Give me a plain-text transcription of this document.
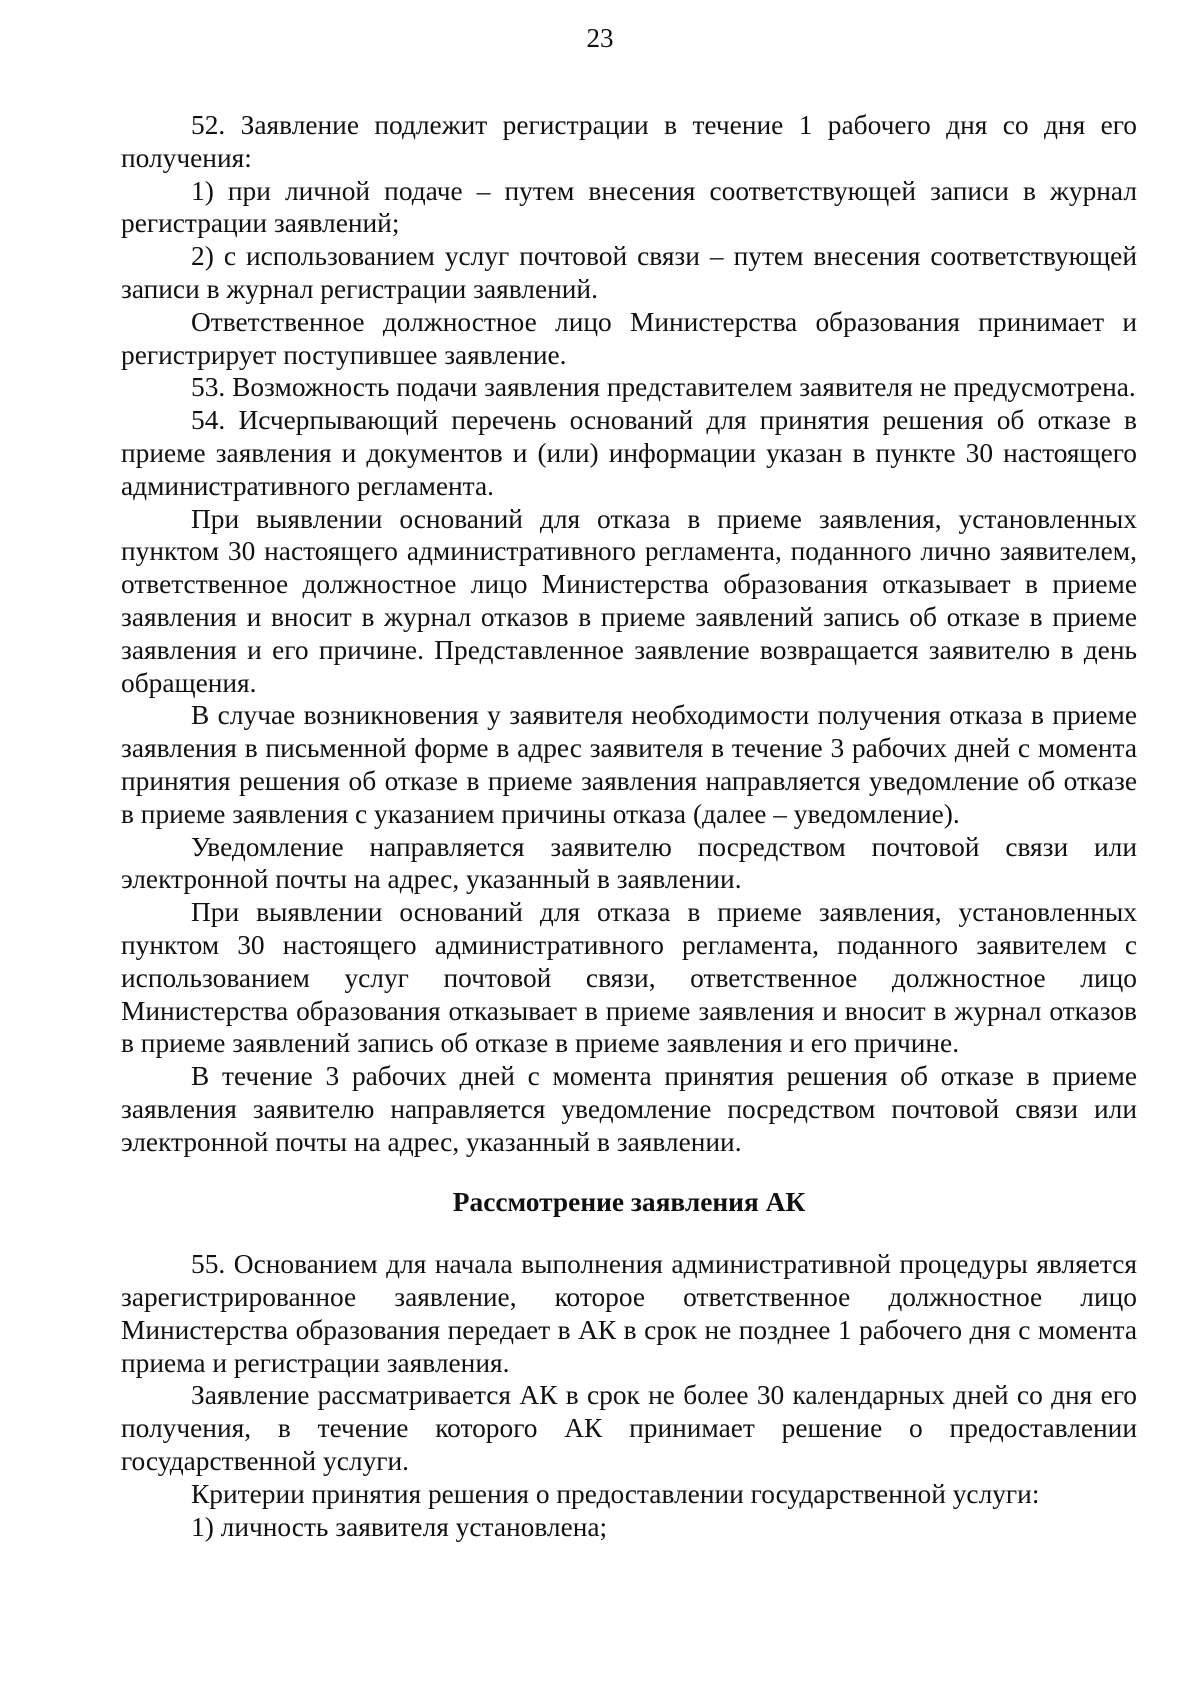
23

52. Заявление подлежит регистрации в течение 1 рабочего дня со дня его получения:

1) при личной подаче – путем внесения соответствующей записи в журнал регистрации заявлений;

2) с использованием услуг почтовой связи – путем внесения соответствующей записи в журнал регистрации заявлений.

Ответственное должностное лицо Министерства образования принимает и регистрирует поступившее заявление.

53. Возможность подачи заявления представителем заявителя не предусмотрена.

54. Исчерпывающий перечень оснований для принятия решения об отказе в приеме заявления и документов и (или) информации указан в пункте 30 настоящего административного регламента.

При выявлении оснований для отказа в приеме заявления, установленных пунктом 30 настоящего административного регламента, поданного лично заявителем, ответственное должностное лицо Министерства образования отказывает в приеме заявления и вносит в журнал отказов в приеме заявлений запись об отказе в приеме заявления и его причине. Представленное заявление возвращается заявителю в день обращения.

В случае возникновения у заявителя необходимости получения отказа в приеме заявления в письменной форме в адрес заявителя в течение 3 рабочих дней с момента принятия решения об отказе в приеме заявления направляется уведомление об отказе в приеме заявления с указанием причины отказа (далее – уведомление).

Уведомление направляется заявителю посредством почтовой связи или электронной почты на адрес, указанный в заявлении.

При выявлении оснований для отказа в приеме заявления, установленных пунктом 30 настоящего административного регламента, поданного заявителем с использованием услуг почтовой связи, ответственное должностное лицо Министерства образования отказывает в приеме заявления и вносит в журнал отказов в приеме заявлений запись об отказе в приеме заявления и его причине.

В течение 3 рабочих дней с момента принятия решения об отказе в приеме заявления заявителю направляется уведомление посредством почтовой связи или электронной почты на адрес, указанный в заявлении.

Рассмотрение заявления АК

55. Основанием для начала выполнения административной процедуры является зарегистрированное заявление, которое ответственное должностное лицо Министерства образования передает в АК в срок не позднее 1 рабочего дня с момента приема и регистрации заявления.

Заявление рассматривается АК в срок не более 30 календарных дней со дня его получения, в течение которого АК принимает решение о предоставлении государственной услуги.

Критерии принятия решения о предоставлении государственной услуги:

1) личность заявителя установлена;
